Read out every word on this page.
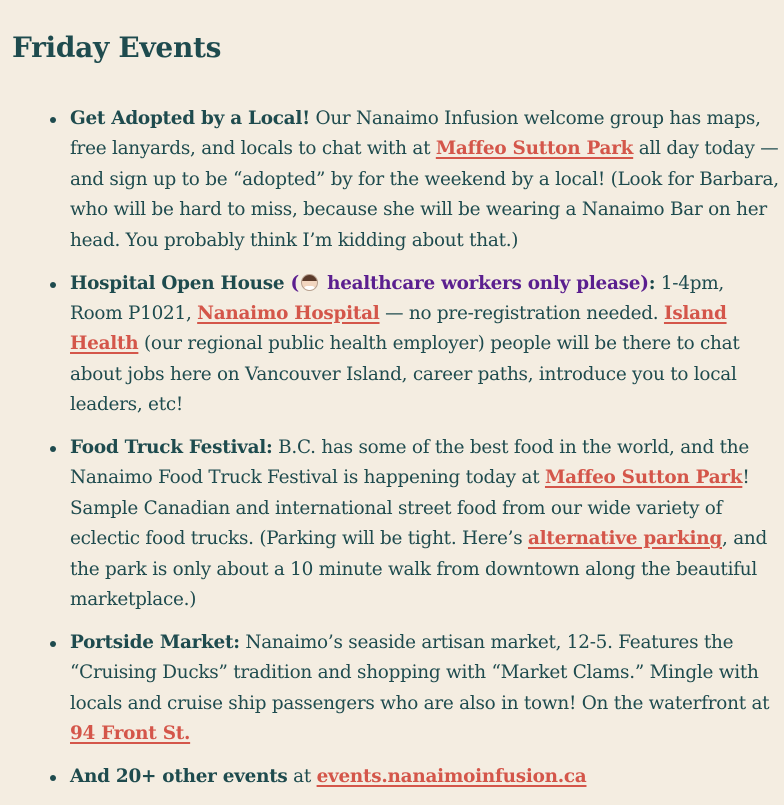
Friday Events
Get Adopted by a Local! Our Nanaimo Infusion welcome group has maps, free lanyards, and locals to chat with at Maffeo Sutton Park all day today — and sign up to be “adopted” by for the weekend by a local! (Look for Barbara, who will be hard to miss, because she will be wearing a Nanaimo Bar on her head. You probably think I’m kidding about that.)
Hospital Open House ( healthcare workers only please): 1-4pm, Room P1021, Nanaimo Hospital — no pre-registration needed. Island Health (our regional public health employer) people will be there to chat about jobs here on Vancouver Island, career paths, introduce you to local leaders, etc!
Food Truck Festival: B.C. has some of the best food in the world, and the Nanaimo Food Truck Festival is happening today at Maffeo Sutton Park! Sample Canadian and international street food from our wide variety of eclectic food trucks. (Parking will be tight. Here’s alternative parking, and the park is only about a 10 minute walk from downtown along the beautiful marketplace.)
Portside Market: Nanaimo’s seaside artisan market, 12-5. Features the “Cruising Ducks” tradition and shopping with “Market Clams.” Mingle with locals and cruise ship passengers who are also in town! On the waterfront at 94 Front St.
And 20+ other events at events.nanaimoinfusion.ca
